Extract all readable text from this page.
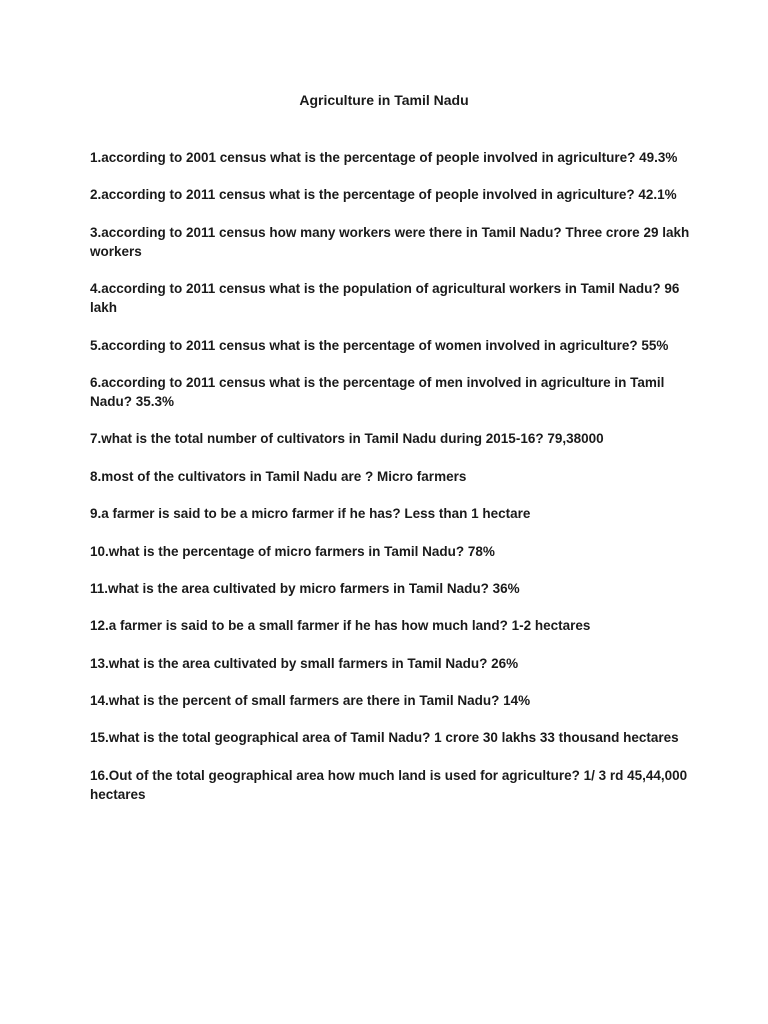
Agriculture in Tamil Nadu

1.according to 2001 census what is the percentage of people involved in agriculture? 49.3%

2.according to 2011 census what is the percentage of people involved in agriculture? 42.1%

3.according to 2011 census how many workers were there in Tamil Nadu? Three crore 29 lakh workers

4.according to 2011 census what is the population of agricultural workers in Tamil Nadu? 96 lakh

5.according to 2011 census what is the percentage of women involved in agriculture? 55%

6.according to 2011 census what is the percentage of men involved in agriculture in Tamil Nadu? 35.3%

7.what is the total number of cultivators in Tamil Nadu during 2015-16? 79,38000

8.most of the cultivators in Tamil Nadu are ? Micro farmers

9.a farmer is said to be a micro farmer if he has? Less than 1 hectare

10.what is the percentage of micro farmers in Tamil Nadu? 78%

11.what is the area cultivated by micro farmers in Tamil Nadu? 36%

12.a farmer is said to be a small farmer if he has how much land? 1-2 hectares

13.what is the area cultivated by small farmers in Tamil Nadu? 26%

14.what is the percent of small farmers are there in Tamil Nadu? 14%

15.what is the total geographical area of Tamil Nadu? 1 crore 30 lakhs 33 thousand hectares

16.Out of the total geographical area how much land is used for agriculture? 1/ 3 rd 45,44,000 hectares
